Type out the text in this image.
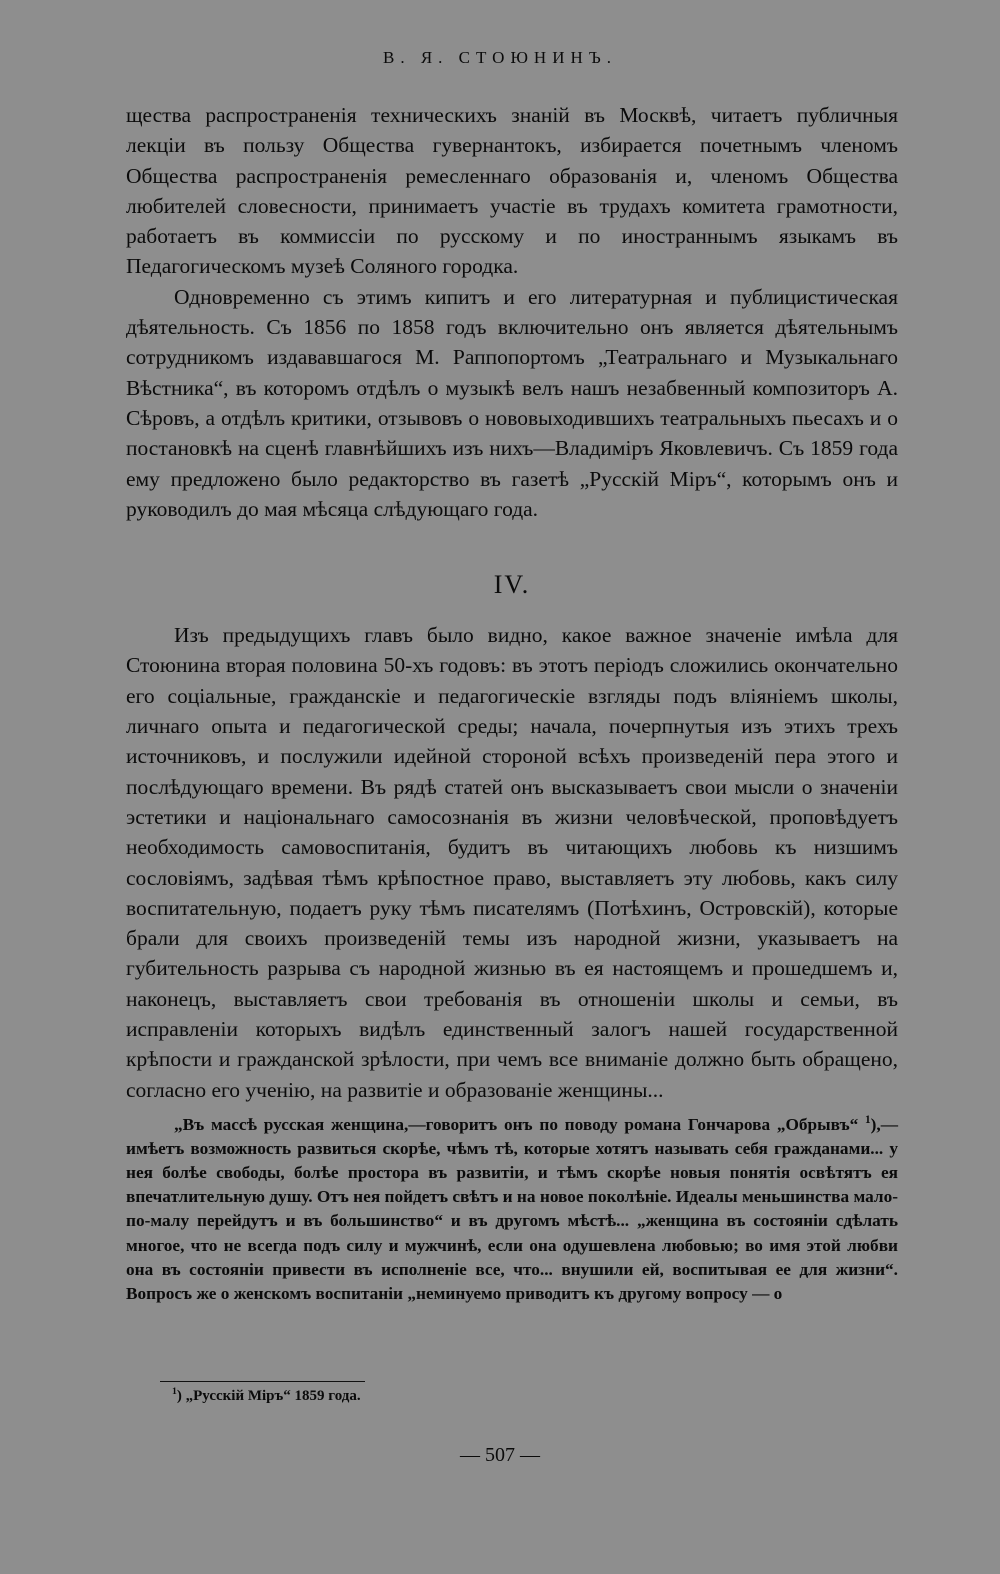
В. Я. СТОЮНИНЪ.

щества распространенія техническихъ знаній въ Москвѣ, читаетъ публичныя лекціи въ пользу Общества гувернантокъ, избирается почетнымъ членомъ Общества распространенія ремесленнаго образованія и, членомъ Общества любителей словесности, принимаетъ участіе въ трудахъ комитета грамотности, работаетъ въ коммиссіи по русскому и по иностраннымъ языкамъ въ Педагогическомъ музеѣ Соляного городка.

Одновременно съ этимъ кипитъ и его литературная и публицистическая дѣятельность. Съ 1856 по 1858 годъ включительно онъ является дѣятельнымъ сотрудникомъ издававшагося М. Раппопортомъ „Театральнаго и Музыкальнаго Вѣстника“, въ которомъ отдѣлъ о музыкѣ велъ нашъ незабвенный композиторъ А. Сѣровъ, а отдѣлъ критики, отзывовъ о нововыходившихъ театральныхъ пьесахъ и о постановкѣ на сценѣ главнѣйшихъ изъ нихъ—Владиміръ Яковлевичъ. Съ 1859 года ему предложено было редакторство въ газетѣ „Русскій Міръ“, которымъ онъ и руководилъ до мая мѣсяца слѣдующаго года.

IV.

Изъ предыдущихъ главъ было видно, какое важное значеніе имѣла для Стоюнина вторая половина 50-хъ годовъ: въ этотъ періодъ сложились окончательно его соціальные, гражданскіе и педагогическіе взгляды подъ вліяніемъ школы, личнаго опыта и педагогической среды; начала, почерпнутыя изъ этихъ трехъ источниковъ, и послужили идейной стороной всѣхъ произведеній пера этого и послѣдующаго времени. Въ рядѣ статей онъ высказываетъ свои мысли о значеніи эстетики и національнаго самосознанія въ жизни человѣческой, проповѣдуетъ необходимость самовоспитанія, будитъ въ читающихъ любовь къ низшимъ сословіямъ, задѣвая тѣмъ крѣпостное право, выставляетъ эту любовь, какъ силу воспитательную, подаетъ руку тѣмъ писателямъ (Потѣхинъ, Островскій), которые брали для своихъ произведеній темы изъ народной жизни, указываетъ на губительность разрыва съ народной жизнью въ ея настоящемъ и прошедшемъ и, наконецъ, выставляетъ свои требованія въ отношеніи школы и семьи, въ исправленіи которыхъ видѣлъ единственный залогъ нашей государственной крѣпости и гражданской зрѣлости, при чемъ все вниманіе должно быть обращено, согласно его ученію, на развитіе и образованіе женщины...

„Въ массѣ русская женщина,—говоритъ онъ по поводу романа Гончарова „Обрывъ“ $^1$),—имѣетъ возможность развиться скорѣе, чѣмъ тѣ, которые хотятъ называть себя гражданами... у нея болѣе свободы, болѣе простора въ развитіи, и тѣмъ скорѣе новыя понятія освѣтятъ ея впечатлительную душу. Отъ нея пойдетъ свѣтъ и на новое поколѣніе. Идеалы меньшинства мало-по-малу перейдутъ и въ большинство“ и въ другомъ мѣстѣ... „женщина въ состояніи сдѣлать многое, что не всегда подъ силу и мужчинѣ, если она одушевлена любовью; во имя этой любви она въ состояніи привести въ исполненіе все, что... внушили ей, воспитывая ее для жизни“. Вопросъ же о женскомъ воспитаніи „неминуемо приводитъ къ другому вопросу — о

$^1$) „Русскій Міръ“ 1859 года.
— 507 —
